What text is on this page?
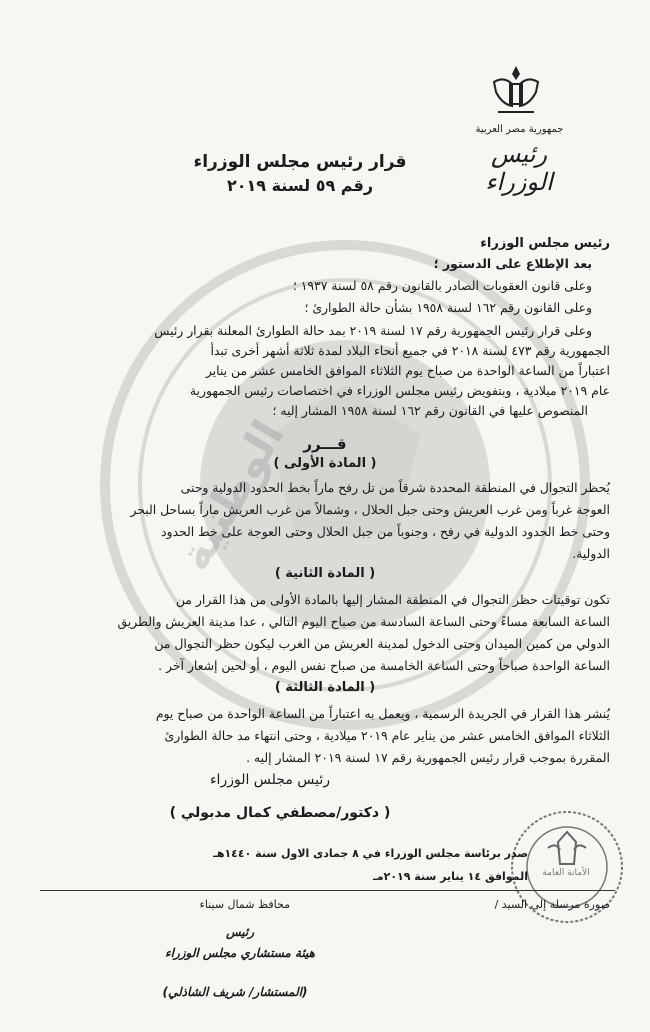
الوطنية
جمهورية مصر العربية
رئيس الوزراء
قرار رئيس مجلس الوزراء
رقم ٥٩ لسنة ٢٠١٩
رئيس مجلس الوزراء
بعد الإطلاع على الدستور ؛
وعلى قانون العقوبات الصادر بالقانون رقم ٥٨ لسنة ١٩٣٧ ؛
وعلى القانون رقم ١٦٢ لسنة ١٩٥٨ بشأن حالة الطوارئ ؛
وعلى قرار رئيس الجمهورية رقم ١٧ لسنة ٢٠١٩ بمد حالة الطوارئ المعلنة بقرار رئيس
الجمهورية رقم ٤٧٣ لسنة ٢٠١٨ في جميع أنحاء البلاد لمدة ثلاثة أشهر أخرى تبدأ
اعتباراً من الساعة الواحدة من صباح يوم الثلاثاء الموافق الخامس عشر من يناير
عام ٢٠١٩ ميلادية ، وبتفويض رئيس مجلس الوزراء في اختصاصات رئيس الجمهورية
المنصوص عليها في القانون رقم ١٦٢ لسنة ١٩٥٨ المشار إليه ؛
قـــرر
( المادة الأولى )
يُحظر التجوال في المنطقة المحددة شرقاً من تل رفح ماراً بخط الحدود الدولية وحتى
العوجة غرباً ومن غرب العريش وحتى جبل الحلال ، وشمالاً من غرب العريش ماراً بساحل البحر
وحتى خط الحدود الدولية في رفح ، وجنوباً من جبل الحلال وحتى العوجة على خط الحدود
الدولية.
( المادة الثانية )
تكون توقيتات حظر التجوال في المنطقة المشار إليها بالمادة الأولى من هذا القرار من
الساعة السابعة مساءً وحتى الساعة السادسة من صباح اليوم التالي ، عدا مدينة العريش والطريق
الدولي من كمين الميدان وحتى الدخول لمدينة العريش من الغرب ليكون حظر التجوال من
الساعة الواحدة صباحاً وحتى الساعة الخامسة من صباح نفس اليوم ، أو لحين إشعار آخر .
( المادة الثالثة )
يُنشر هذا القرار في الجريدة الرسمية ، ويعمل به اعتباراً من الساعة الواحدة من صباح يوم
الثلاثاء الموافق الخامس عشر من يناير عام ٢٠١٩ ميلادية ، وحتى انتهاء مد حالة الطوارئ
المقررة بموجب قرار رئيس الجمهورية رقم ١٧ لسنة ٢٠١٩ المشار إليه .
رئيس مجلس الوزراء
( دكتور/مصطفي كمال مدبولي )
الأمانة العامة
صدر برئاسة مجلس الوزراء في ٨ جمادى الاول سنة ١٤٤٠هـ
الموافق ١٤ يناير سنة ٢٠١٩مـ
صورة مرسلة إلى السيد /
محافظ شمال سيناء
رئيس
هيئة مستشاري مجلس الوزراء
(المستشار/ شريف الشاذلي)
